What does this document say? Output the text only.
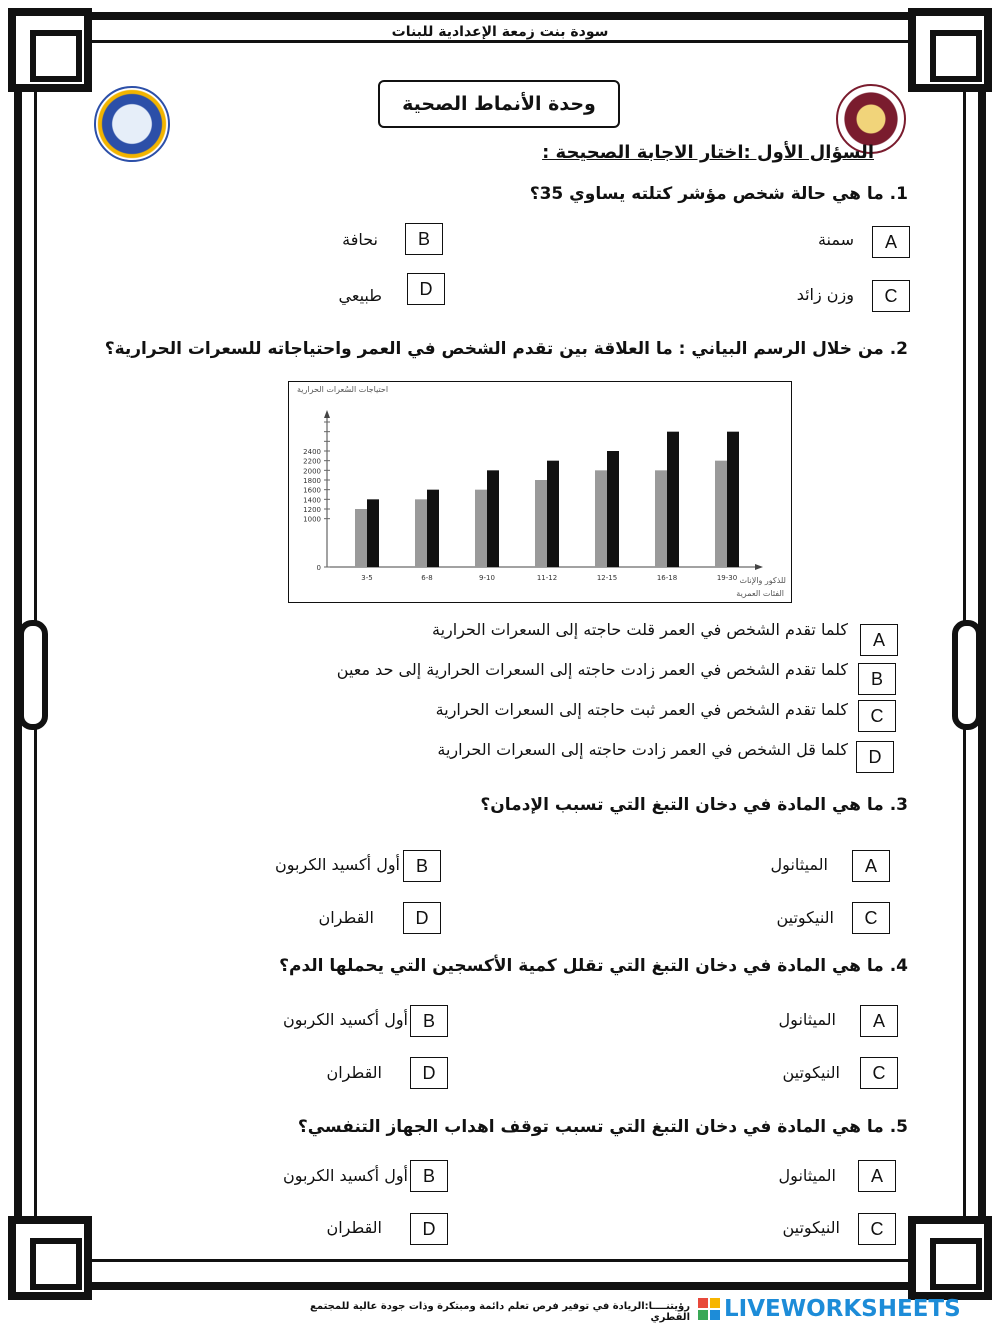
سودة بنت زمعة الإعدادية للبنات
وحدة الأنماط الصحية
السؤال الأول :اختار الاجابة الصحيحة :
1. ما هي حالة شخص مؤشر كتلته يساوي 35؟
A
سمنة
B
نحافة
C
وزن زائد
D
طبيعي
2. من خلال الرسم البياني : ما العلاقة بين تقدم الشخص في العمر واحتياجاته للسعرات الحرارية؟
احتياجات السُعرات الحرارية
الفئات العمرية
للذكور والإناث
0
1000
1200
1400
1600
1800
2000
2200
2400
3-5	6-8	9-10	11-12	12-15	16-18	19-30
A
كلما تقدم الشخص في العمر قلت حاجته إلى السعرات الحرارية
B
كلما تقدم الشخص في العمر زادت حاجته إلى السعرات الحرارية إلى حد معين
C
كلما تقدم الشخص في العمر ثبت حاجته إلى السعرات الحرارية
D
كلما قل الشخص في العمر زادت حاجته إلى السعرات الحرارية
3. ما هي المادة في دخان التبغ التي تسبب الإدمان؟
A
الميثانول
B
أول أكسيد الكربون
C
النيكوتين
D
القطران
4. ما هي المادة في دخان التبغ التي تقلل كمية الأكسجين التي يحملها الدم؟
A
الميثانول
B
أول أكسيد الكربون
C
النيكوتين
D
القطران
5. ما هي المادة في دخان التبغ التي تسبب توقف اهداب الجهاز التنفسي؟
A
الميثانول
B
أول أكسيد الكربون
C
النيكوتين
D
القطران
رؤيتنــــا:الريادة في توفير فرص تعلم دائمة ومبتكرة وذات جودة عالية للمجتمع القطري LIVEWORKSHEETS
